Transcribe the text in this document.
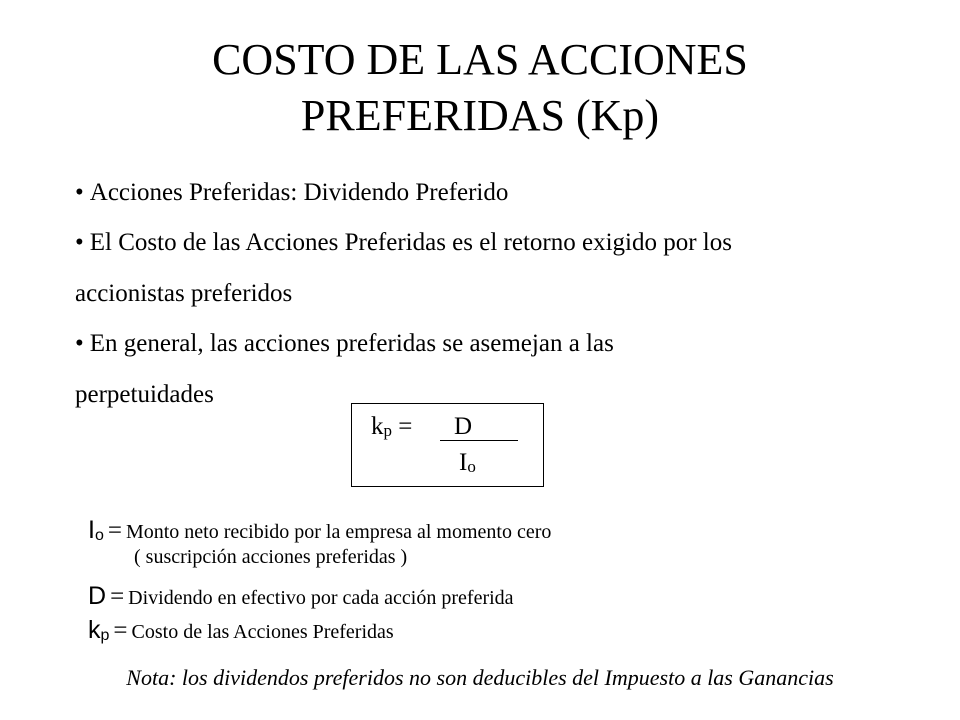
COSTO DE LAS ACCIONES
PREFERIDAS (Kp)
• Acciones Preferidas: Dividendo Preferido
• El Costo de las Acciones Preferidas es el retorno exigido por los
accionistas preferidos
• En general, las acciones preferidas se asemejan a las
perpetuidades
$k_p$ =	D
$I_o$
$I_o$ = Monto neto recibido por la empresa al momento cero
( suscripción acciones preferidas )
D = Dividendo en efectivo por cada acción preferida
$k_p$ = Costo de las Acciones Preferidas
Nota: los dividendos preferidos no son deducibles del Impuesto a las Ganancias
